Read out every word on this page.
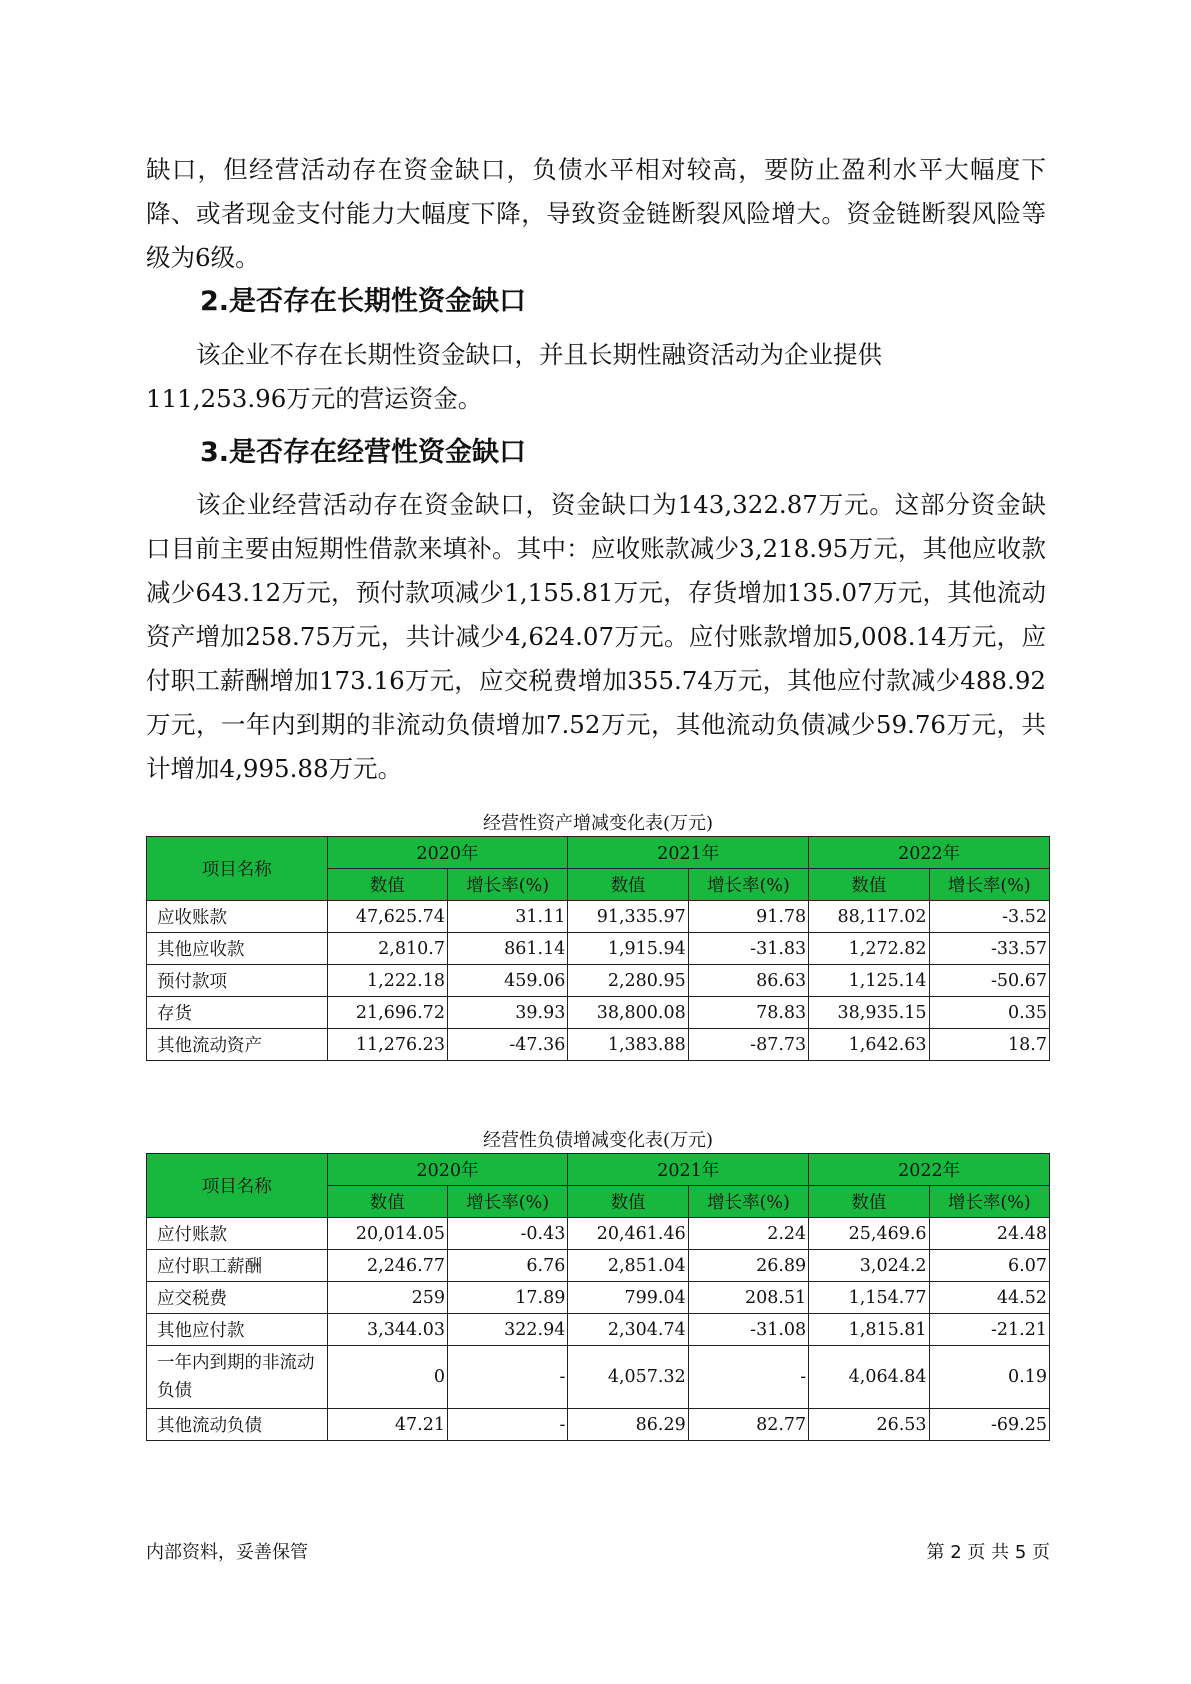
缺口，但经营活动存在资金缺口，负债水平相对较高，要防止盈利水平大幅度下降、或者现金支付能力大幅度下降，导致资金链断裂风险增大。资金链断裂风险等级为6级。

2.是否存在长期性资金缺口

该企业不存在长期性资金缺口，并且长期性融资活动为企业提供
111,253.96万元的营运资金。

3.是否存在经营性资金缺口

该企业经营活动存在资金缺口，资金缺口为143,322.87万元。这部分资金缺口目前主要由短期性借款来填补。其中：应收账款减少3,218.95万元，其他应收款减少643.12万元，预付款项减少1,155.81万元，存货增加135.07万元，其他流动资产增加258.75万元，共计减少4,624.07万元。应付账款增加5,008.14万元，应付职工薪酬增加173.16万元，应交税费增加355.74万元，其他应付款减少488.92万元，一年内到期的非流动负债增加7.52万元，其他流动负债减少59.76万元，共计增加4,995.88万元。

经营性资产增减变化表(万元)
项目名称	2020年		2021年		2022年	
	数值	增长率(%)	数值	增长率(%)	数值	增长率(%)
应收账款	47,625.74	31.11	91,335.97	91.78	88,117.02	-3.52
其他应收款	2,810.7	861.14	1,915.94	-31.83	1,272.82	-33.57
预付款项	1,222.18	459.06	2,280.95	86.63	1,125.14	-50.67
存货	21,696.72	39.93	38,800.08	78.83	38,935.15	0.35
其他流动资产	11,276.23	-47.36	1,383.88	-87.73	1,642.63	18.7
经营性负债增减变化表(万元)
项目名称	2020年		2021年		2022年	
	数值	增长率(%)	数值	增长率(%)	数值	增长率(%)
应付账款	20,014.05	-0.43	20,461.46	2.24	25,469.6	24.48
应付职工薪酬	2,246.77	6.76	2,851.04	26.89	3,024.2	6.07
应交税费	259	17.89	799.04	208.51	1,154.77	44.52
其他应付款	3,344.03	322.94	2,304.74	-31.08	1,815.81	-21.21
一年内到期的非流动负债	0	-	4,057.32	-	4,064.84	0.19
其他流动负债	47.21	-	86.29	82.77	26.53	-69.25
内部资料，妥善保管	第 2 页 共 5 页
